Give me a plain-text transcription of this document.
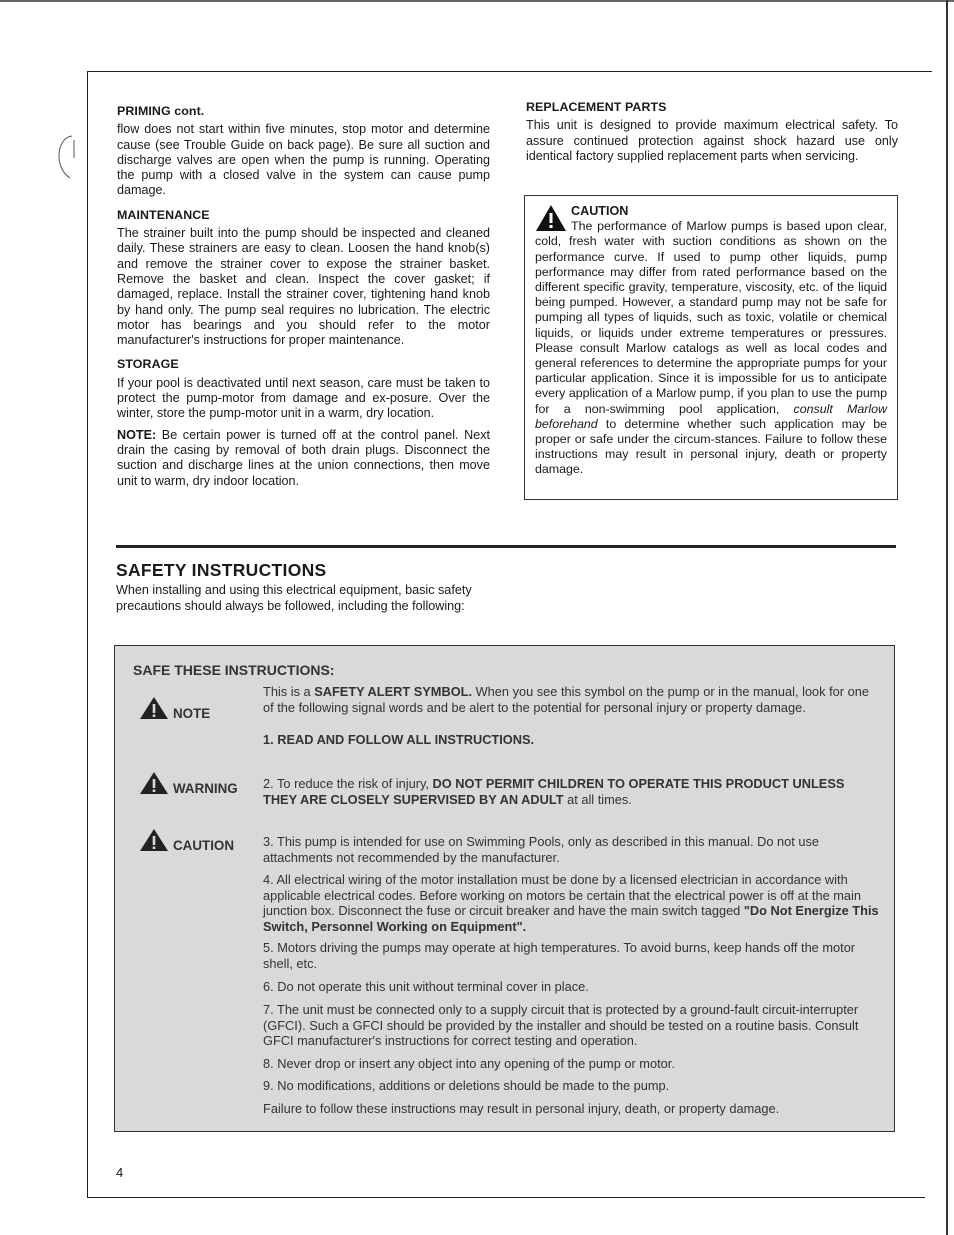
PRIMING cont.

flow does not start within five minutes, stop motor and determine cause (see Trouble Guide on back page). Be sure all suction and discharge valves are open when the pump is running. Operating the pump with a closed valve in the system can cause pump damage.

MAINTENANCE

The strainer built into the pump should be inspected and cleaned daily. These strainers are easy to clean. Loosen the hand knob(s) and remove the strainer cover to expose the strainer basket. Remove the basket and clean. Inspect the cover gasket; if damaged, replace. Install the strainer cover, tightening hand knob by hand only. The pump seal requires no lubrication. The electric motor has bearings and you should refer to the motor manufacturer's instructions for proper maintenance.

STORAGE

If your pool is deactivated until next season, care must be taken to protect the pump-motor from damage and ex-posure. Over the winter, store the pump-motor unit in a warm, dry location.

NOTE: Be certain power is turned off at the control panel. Next drain the casing by removal of both drain plugs. Disconnect the suction and discharge lines at the union connections, then move unit to warm, dry indoor location.

REPLACEMENT PARTS

This unit is designed to provide maximum electrical safety. To assure continued protection against shock hazard use only identical factory supplied replacement parts when servicing.

CAUTION
The performance of Marlow pumps is based upon clear, cold, fresh water with suction conditions as shown on the performance curve. If used to pump other liquids, pump performance may differ from rated performance based on the different specific gravity, temperature, viscosity, etc. of the liquid being pumped. However, a standard pump may not be safe for pumping all types of liquids, such as toxic, volatile or chemical liquids, or liquids under extreme temperatures or pressures. Please consult Marlow catalogs as well as local codes and general references to determine the appropriate pumps for your particular application. Since it is impossible for us to anticipate every application of a Marlow pump, if you plan to use the pump for a non-swimming pool application, consult Marlow beforehand to determine whether such application may be proper or safe under the circum-stances. Failure to follow these instructions may result in personal injury, death or property damage.
SAFETY INSTRUCTIONS
When installing and using this electrical equipment, basic safety precautions should always be followed, including the following:
SAFE THESE INSTRUCTIONS:
NOTE
This is a SAFETY ALERT SYMBOL. When you see this symbol on the pump or in the manual, look for one of the following signal words and be alert to the potential for personal injury or property damage.
1. READ AND FOLLOW ALL INSTRUCTIONS.
WARNING 2. To reduce the risk of injury, DO NOT PERMIT CHILDREN TO OPERATE THIS PRODUCT UNLESS THEY ARE CLOSELY SUPERVISED BY AN ADULT at all times.
CAUTION 3. This pump is intended for use on Swimming Pools, only as described in this manual. Do not use attachments not recommended by the manufacturer.
4. All electrical wiring of the motor installation must be done by a licensed electrician in accordance with applicable electrical codes. Before working on motors be certain that the electrical power is off at the main junction box. Disconnect the fuse or circuit breaker and have the main switch tagged "Do Not Energize This Switch, Personnel Working on Equipment".
5. Motors driving the pumps may operate at high temperatures. To avoid burns, keep hands off the motor shell, etc.
6. Do not operate this unit without terminal cover in place.
7. The unit must be connected only to a supply circuit that is protected by a ground-fault circuit-interrupter (GFCI). Such a GFCI should be provided by the installer and should be tested on a routine basis. Consult GFCI manufacturer's instructions for correct testing and operation.
8. Never drop or insert any object into any opening of the pump or motor.
9. No modifications, additions or deletions should be made to the pump.
Failure to follow these instructions may result in personal injury, death, or property damage.
4
